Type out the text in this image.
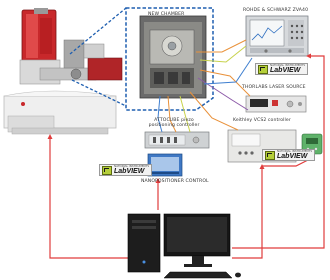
NEW CHAMBER
ROHDE & SCHWARZ ZVA40
THORLABS LASER SOURCE
Keithley VCS2 controller
ATTOCUBE piezo positioning controller
NANOPOSITIONER CONTROL
NATIONAL INSTRUMENTS
LabVIEW
NATIONAL INSTRUMENTS
LabVIEW
NATIONAL INSTRUMENTS
LabVIEW
